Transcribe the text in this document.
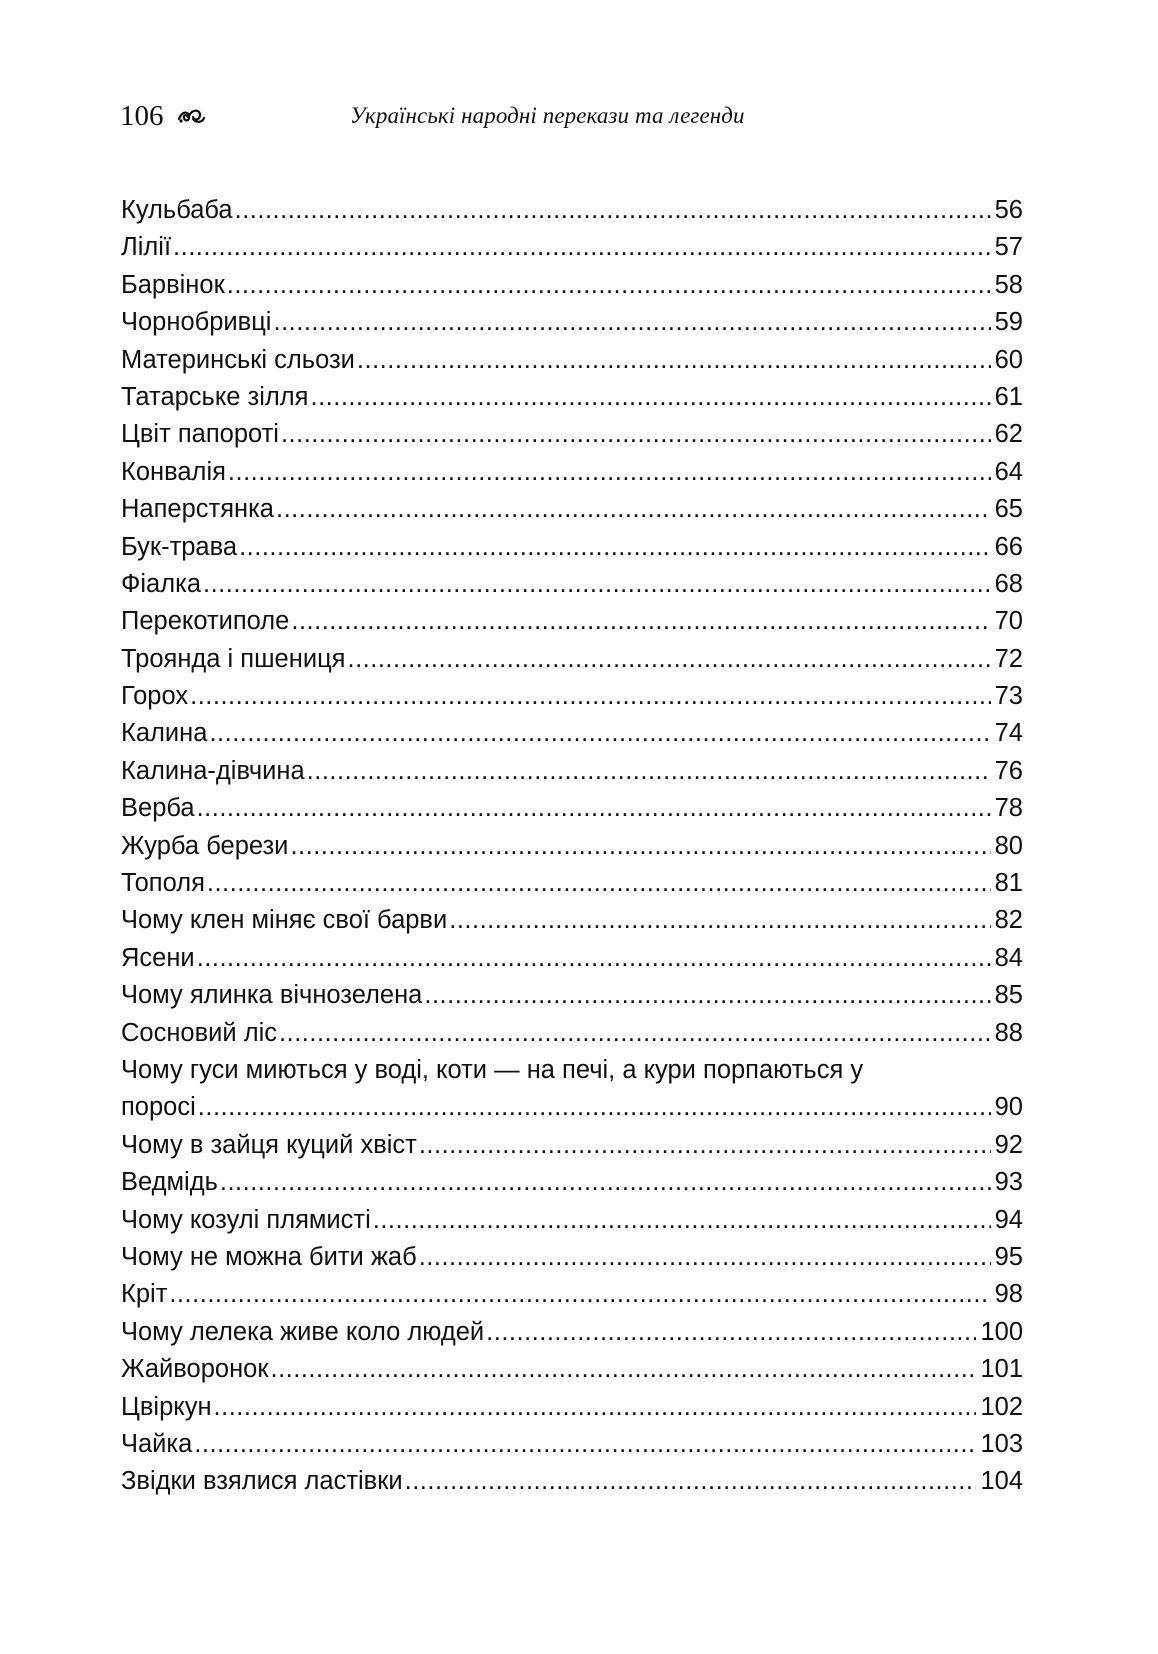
106	Українські народні перекази та легенди
Кульбаба .....	56
Лілії .....	57
Барвінок .....	58
Чорнобривці .....	59
Материнські сльози .....	60
Татарське зілля .....	61
Цвіт папороті .....	62
Конвалія .....	64
Наперстянка .....	65
Бук-трава .....	66
Фіалка .....	68
Перекотиполе .....	70
Троянда і пшениця .....	72
Горох .....	73
Калина .....	74
Калина-дівчина .....	76
Верба .....	78
Журба берези .....	80
Тополя .....	81
Чому клен міняє свої барви .....	82
Ясени .....	84
Чому ялинка вічнозелена .....	85
Сосновий ліс .....	88
Чому гуси миються у воді, коти — на печі, а кури порпаються у
поросі .....	90
Чому в зайця куций хвіст .....	92
Ведмідь .....	93
Чому козулі плямисті .....	94
Чому не можна бити жаб .....	95
Кріт .....	98
Чому лелека живе коло людей .....	100
Жайворонок .....	101
Цвіркун .....	102
Чайка .....	103
Звідки взялися ластівки .....	104
